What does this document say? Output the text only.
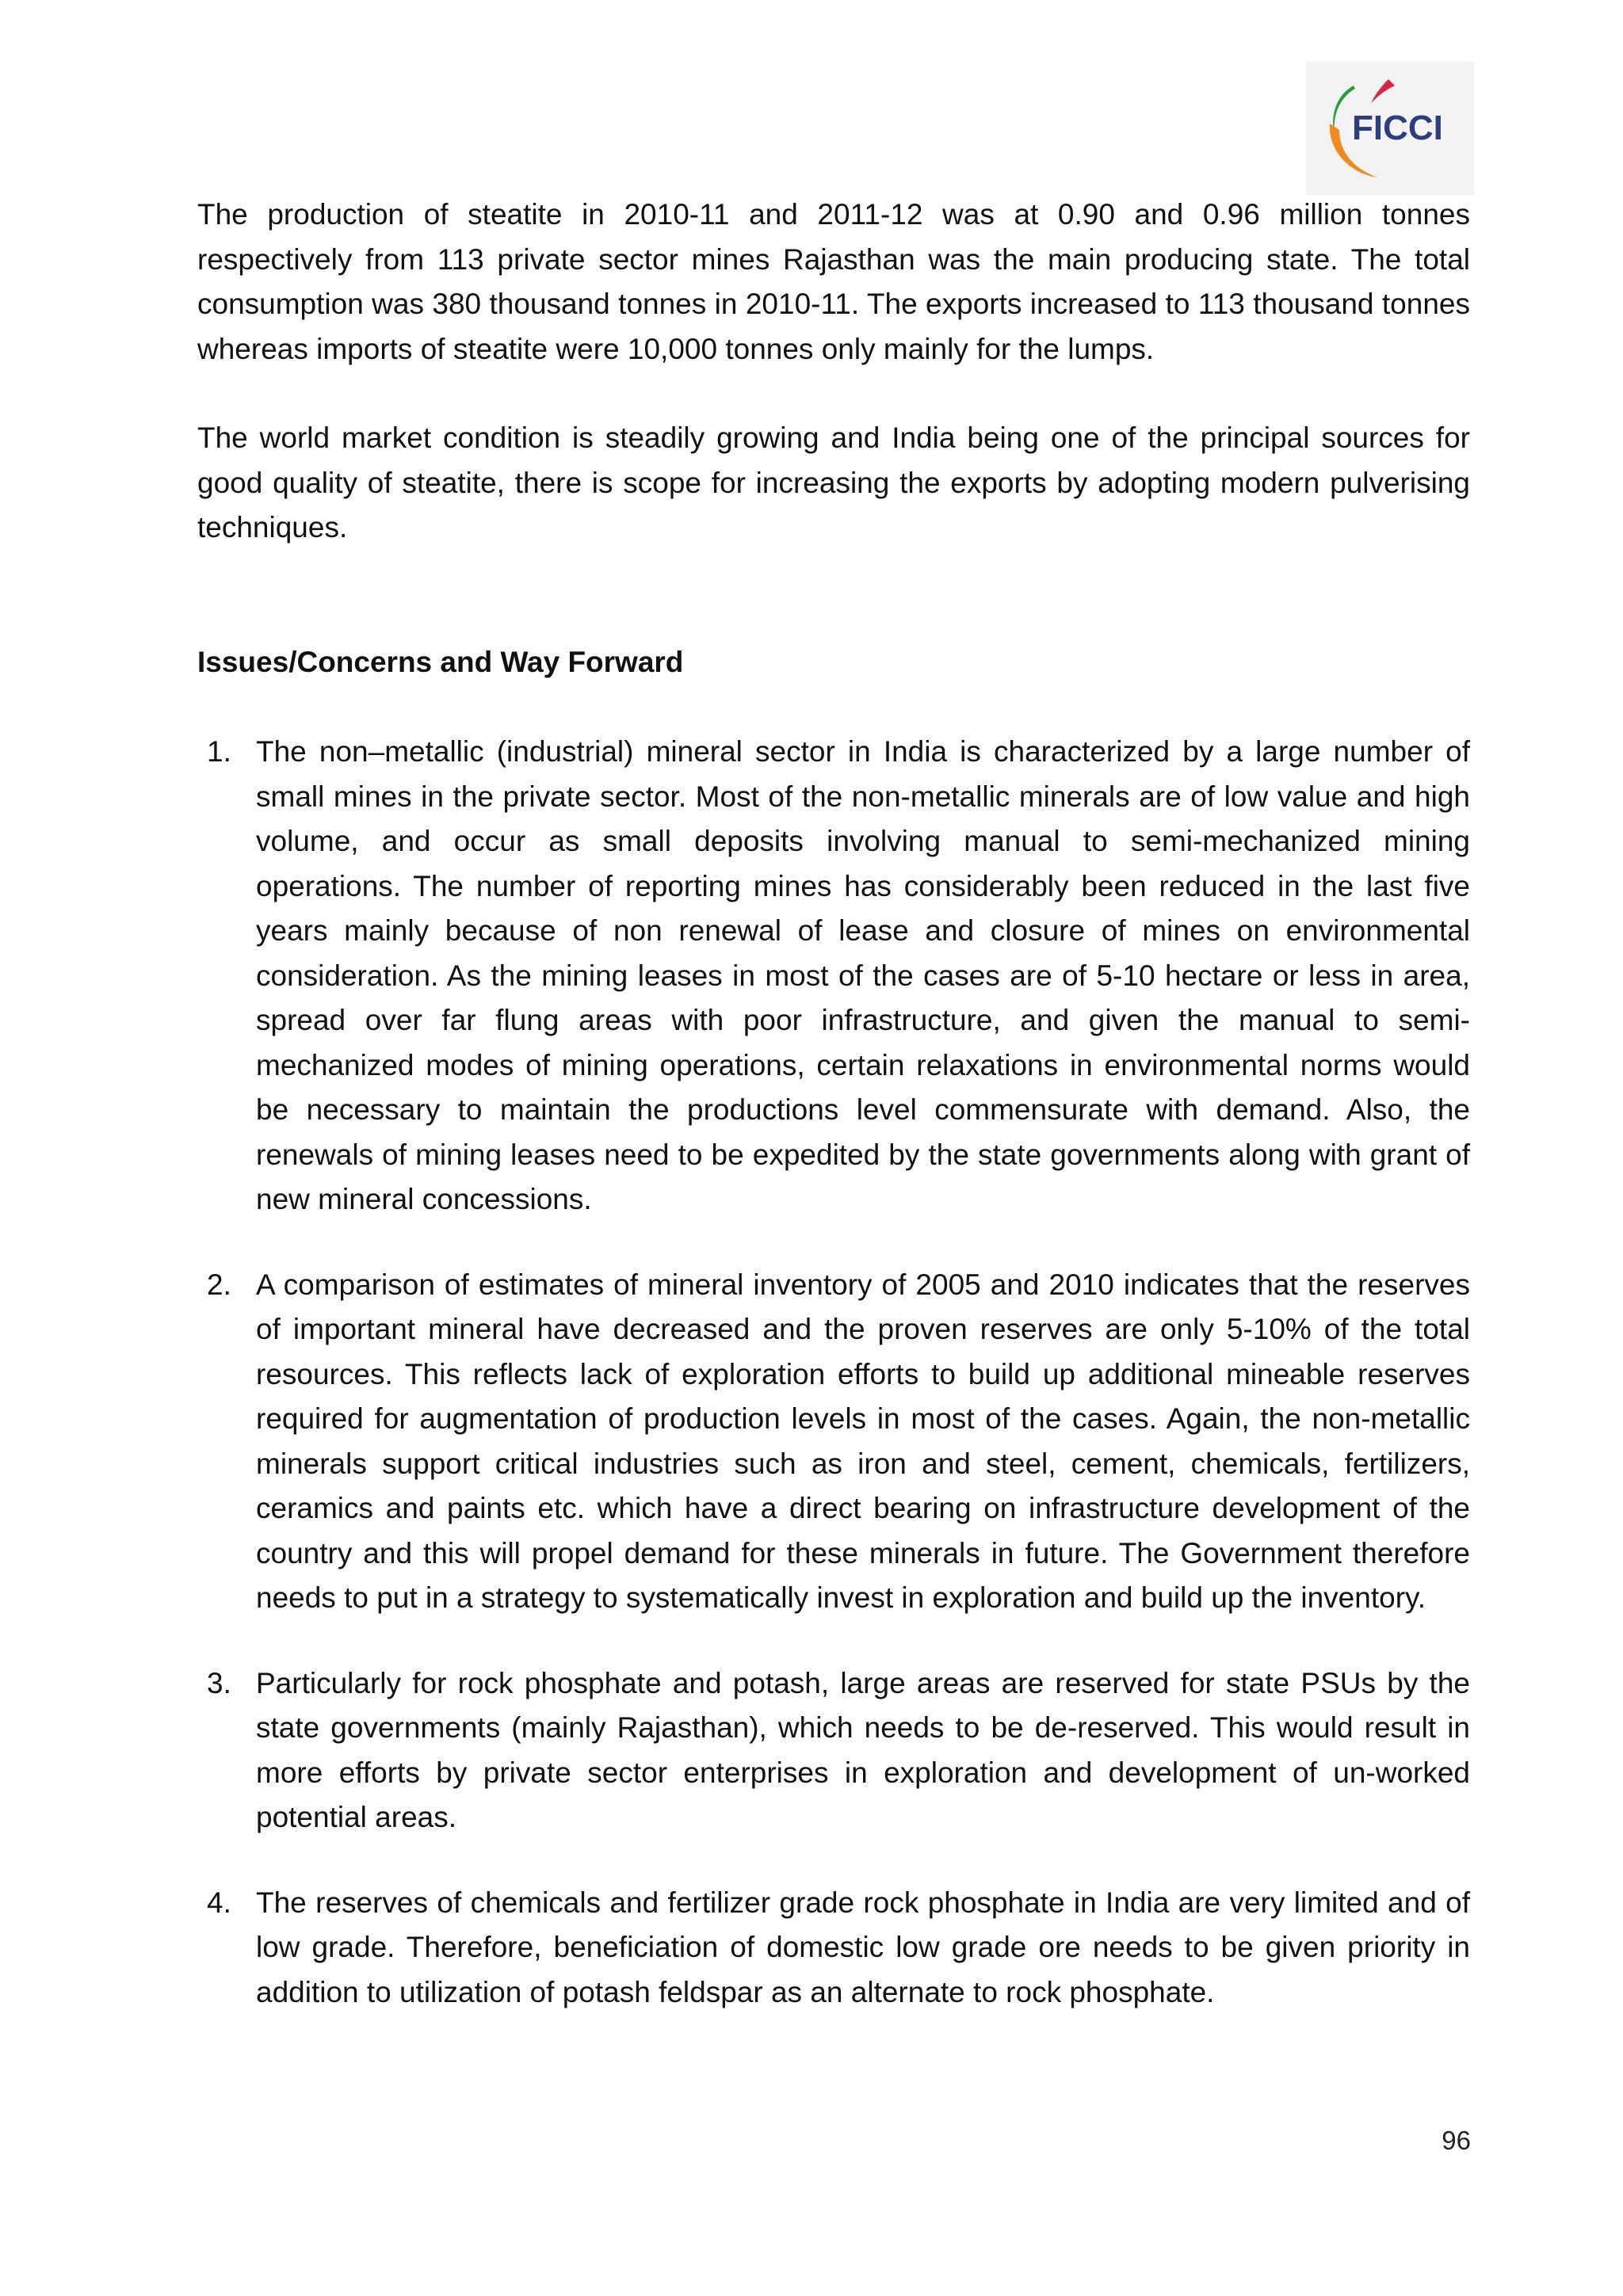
FICCI

The production of steatite in 2010-11 and 2011-12 was at 0.90 and 0.96 million tonnes respectively from 113 private sector mines Rajasthan was the main producing state. The total consumption was 380 thousand tonnes in 2010-11. The exports increased to 113 thousand tonnes whereas imports of steatite were 10,000 tonnes only mainly for the lumps.

The world market condition is steadily growing and India being one of the principal sources for good quality of steatite, there is scope for increasing the exports by adopting modern pulverising techniques.

Issues/Concerns and Way Forward

1. The non–metallic (industrial) mineral sector in India is characterized by a large number of small mines in the private sector. Most of the non-metallic minerals are of low value and high volume, and occur as small deposits involving manual to semi-mechanized mining operations. The number of reporting mines has considerably been reduced in the last five years mainly because of non renewal of lease and closure of mines on environmental consideration. As the mining leases in most of the cases are of 5-10 hectare or less in area, spread over far flung areas with poor infrastructure, and given the manual to semi-mechanized modes of mining operations, certain relaxations in environmental norms would be necessary to maintain the productions level commensurate with demand. Also, the renewals of mining leases need to be expedited by the state governments along with grant of new mineral concessions.
2. A comparison of estimates of mineral inventory of 2005 and 2010 indicates that the reserves of important mineral have decreased and the proven reserves are only 5-10% of the total resources. This reflects lack of exploration efforts to build up additional mineable reserves required for augmentation of production levels in most of the cases. Again, the non-metallic minerals support critical industries such as iron and steel, cement, chemicals, fertilizers, ceramics and paints etc. which have a direct bearing on infrastructure development of the country and this will propel demand for these minerals in future. The Government therefore needs to put in a strategy to systematically invest in exploration and build up the inventory.
3. Particularly for rock phosphate and potash, large areas are reserved for state PSUs by the state governments (mainly Rajasthan), which needs to be de-reserved. This would result in more efforts by private sector enterprises in exploration and development of un-worked potential areas.
4. The reserves of chemicals and fertilizer grade rock phosphate in India are very limited and of low grade. Therefore, beneficiation of domestic low grade ore needs to be given priority in addition to utilization of potash feldspar as an alternate to rock phosphate.
96
